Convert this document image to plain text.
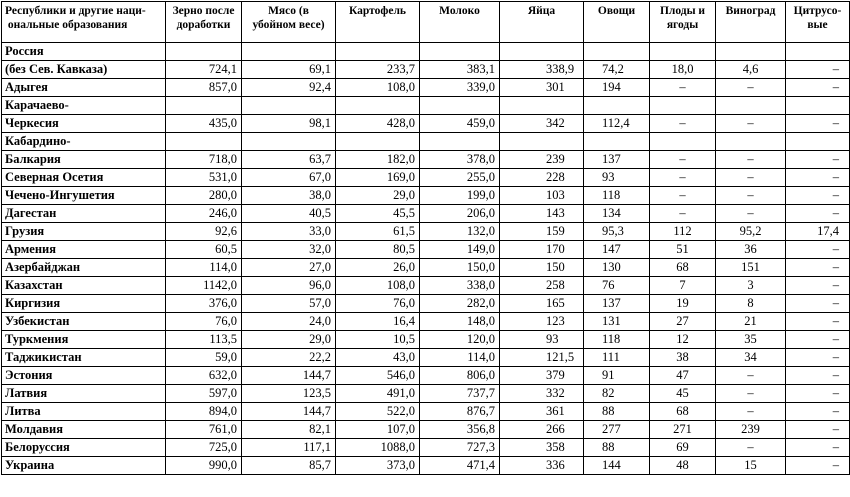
Республики и другие наци- ональные образования	Зерно после доработки	Мясо (в убойном весе)	Картофель	Молоко	Яйца	Овощи	Плоды и ягоды	Виноград	Цитрусо-вые
Россия									
(без Сев. Кавказа)	724,1	69,1	233,7	383,1	338,9	74,2	18,0	4,6	–
Адыгея	857,0	92,4	108,0	339,0	301	194	–	–	–
Карачаево-									
Черкесия	435,0	98,1	428,0	459,0	342	112,4	–	–	–
Кабардино-									
Балкария	718,0	63,7	182,0	378,0	239	137	–	–	–
Северная Осетия	531,0	67,0	169,0	255,0	228	93	–	–	–
Чечено-Ингушетия	280,0	38,0	29,0	199,0	103	118	–	–	–
Дагестан	246,0	40,5	45,5	206,0	143	134	–	–	–
Грузия	92,6	33,0	61,5	132,0	159	95,3	112	95,2	17,4
Армения	60,5	32,0	80,5	149,0	170	147	51	36	–
Азербайджан	114,0	27,0	26,0	150,0	150	130	68	151	–
Казахстан	1142,0	96,0	108,0	338,0	258	76	7	3	–
Киргизия	376,0	57,0	76,0	282,0	165	137	19	8	–
Узбекистан	76,0	24,0	16,4	148,0	123	131	27	21	–
Туркмения	113,5	29,0	10,5	120,0	93	118	12	35	–
Таджикистан	59,0	22,2	43,0	114,0	121,5	111	38	34	–
Эстония	632,0	144,7	546,0	806,0	379	91	47	–	–
Латвия	597,0	123,5	491,0	737,7	332	82	45	–	–
Литва	894,0	144,7	522,0	876,7	361	88	68	–	–
Молдавия	761,0	82,1	107,0	356,8	266	277	271	239	–
Белоруссия	725,0	117,1	1088,0	727,3	358	88	69	–	–
Украина	990,0	85,7	373,0	471,4	336	144	48	15	–
